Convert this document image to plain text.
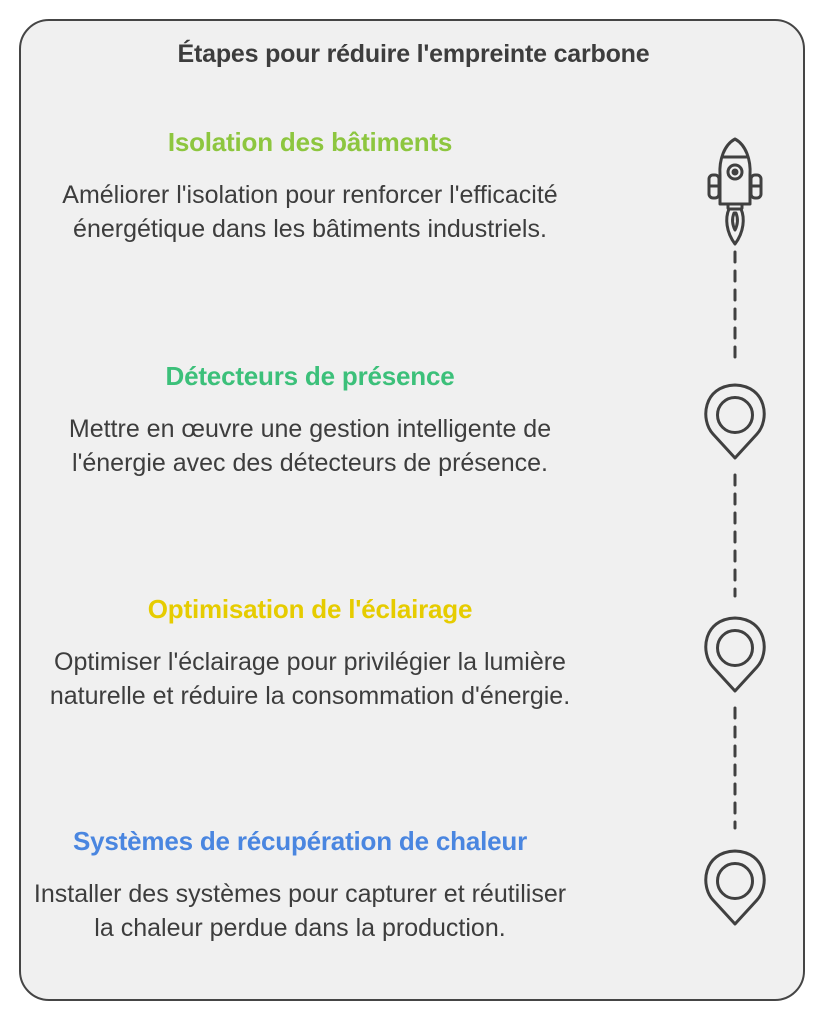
Étapes pour réduire l'empreinte carbone
Isolation des bâtiments
Améliorer l'isolation pour renforcer l'efficacité énergétique dans les bâtiments industriels.
Détecteurs de présence
Mettre en œuvre une gestion intelligente de l'énergie avec des détecteurs de présence.
Optimisation de l'éclairage
Optimiser l'éclairage pour privilégier la lumière naturelle et réduire la consommation d'énergie.
Systèmes de récupération de chaleur
Installer des systèmes pour capturer et réutiliser la chaleur perdue dans la production.
